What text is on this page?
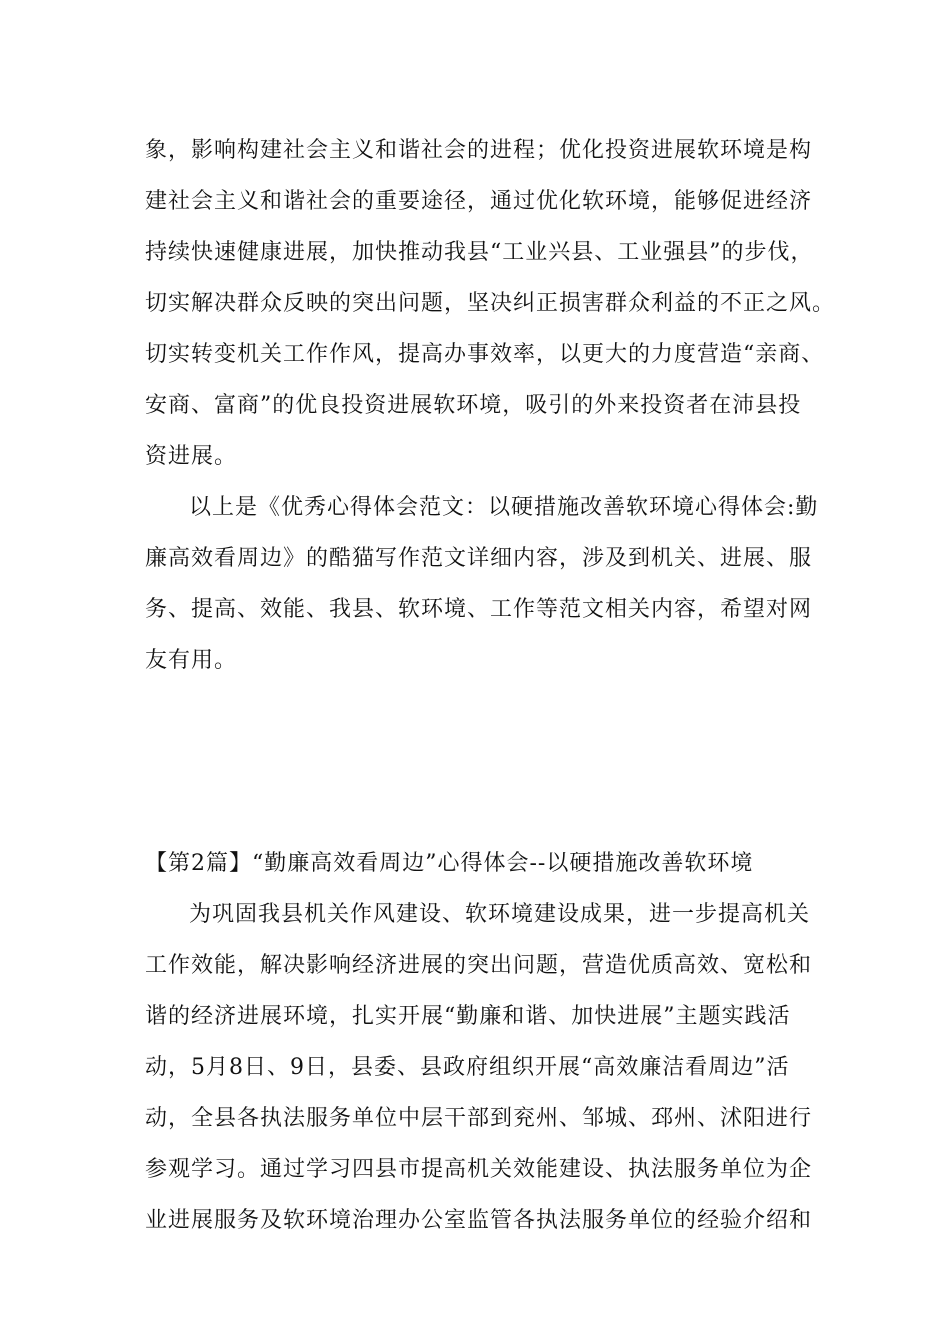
象，影响构建社会主义和谐社会的进程；优化投资进展软环境是构
建社会主义和谐社会的重要途径，通过优化软环境，能够促进经济
持续快速健康进展，加快推动我县“工业兴县、工业强县”的步伐，
切实解决群众反映的突出问题，坚决纠正损害群众利益的不正之风。
切实转变机关工作作风，提高办事效率，以更大的力度营造“亲商、
安商、富商”的优良投资进展软环境，吸引的外来投资者在沛县投
资进展。
以上是《优秀心得体会范文：以硬措施改善软环境心得体会:勤
廉高效看周边》的酷猫写作范文详细内容，涉及到机关、进展、服
务、提高、效能、我县、软环境、工作等范文相关内容，希望对网
友有用。
【第2篇】“勤廉高效看周边”心得体会--以硬措施改善软环境
为巩固我县机关作风建设、软环境建设成果，进一步提高机关
工作效能，解决影响经济进展的突出问题，营造优质高效、宽松和
谐的经济进展环境，扎实开展“勤廉和谐、加快进展”主题实践活
动，5月8日、9日，县委、县政府组织开展“高效廉洁看周边”活
动，全县各执法服务单位中层干部到兖州、邹城、邳州、沭阳进行
参观学习。通过学习四县市提高机关效能建设、执法服务单位为企
业进展服务及软环境治理办公室监管各执法服务单位的经验介绍和
